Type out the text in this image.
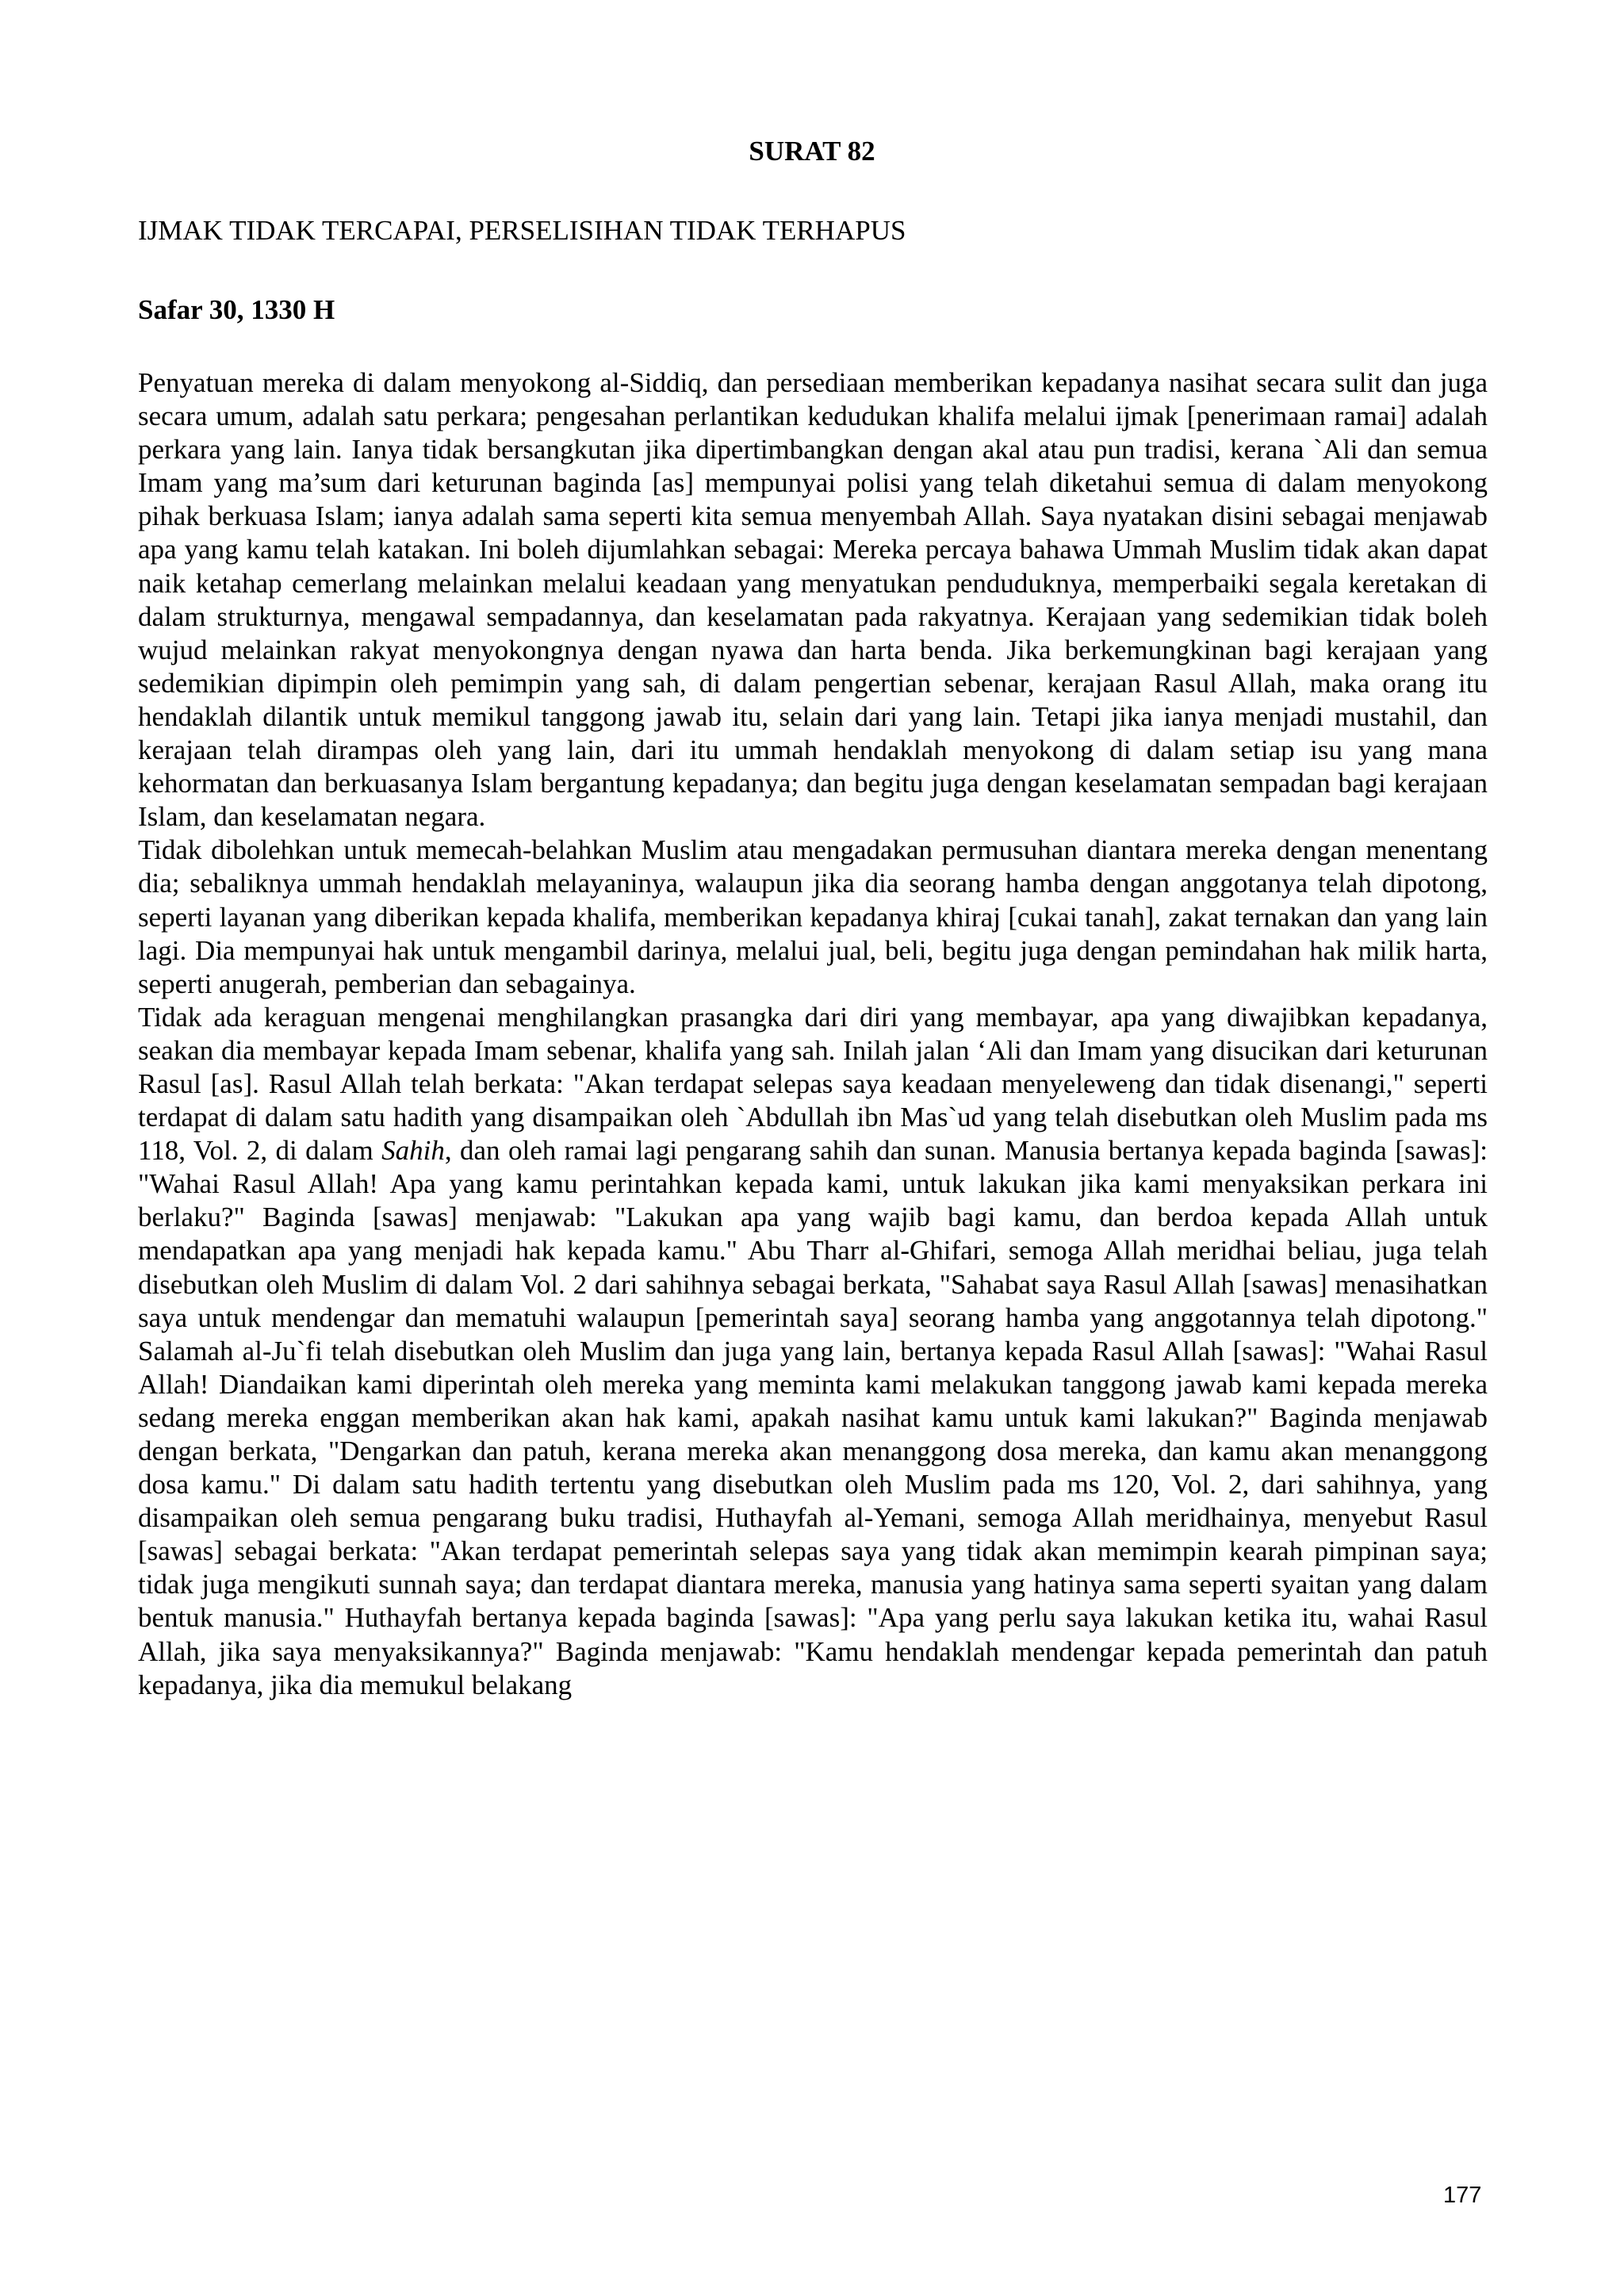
SURAT 82
IJMAK TIDAK TERCAPAI, PERSELISIHAN TIDAK TERHAPUS
Safar 30, 1330 H

Penyatuan mereka di dalam menyokong al-Siddiq, dan persediaan memberikan kepadanya nasihat secara sulit dan juga secara umum, adalah satu perkara; pengesahan perlantikan kedudukan khalifa melalui ijmak [penerimaan ramai] adalah perkara yang lain. Ianya tidak bersangkutan jika dipertimbangkan dengan akal atau pun tradisi, kerana `Ali dan semua Imam yang ma’sum dari keturunan baginda [as] mempunyai polisi yang telah diketahui semua di dalam menyokong pihak berkuasa Islam; ianya adalah sama seperti kita semua menyembah Allah. Saya nyatakan disini sebagai menjawab apa yang kamu telah katakan. Ini boleh dijumlahkan sebagai: Mereka percaya bahawa Ummah Muslim tidak akan dapat naik ketahap cemerlang melainkan melalui keadaan yang menyatukan penduduknya, memperbaiki segala keretakan di dalam strukturnya, mengawal sempadannya, dan keselamatan pada rakyatnya. Kerajaan yang sedemikian tidak boleh wujud melainkan rakyat menyokongnya dengan nyawa dan harta benda. Jika berkemungkinan bagi kerajaan yang sedemikian dipimpin oleh pemimpin yang sah, di dalam pengertian sebenar, kerajaan Rasul Allah, maka orang itu hendaklah dilantik untuk memikul tanggong jawab itu, selain dari yang lain. Tetapi jika ianya menjadi mustahil, dan kerajaan telah dirampas oleh yang lain, dari itu ummah hendaklah menyokong di dalam setiap isu yang mana kehormatan dan berkuasanya Islam bergantung kepadanya; dan begitu juga dengan keselamatan sempadan bagi kerajaan Islam, dan keselamatan negara.

Tidak dibolehkan untuk memecah-belahkan Muslim atau mengadakan permusuhan diantara mereka dengan menentang dia; sebaliknya ummah hendaklah melayaninya, walaupun jika dia seorang hamba dengan anggotanya telah dipotong, seperti layanan yang diberikan kepada khalifa, memberikan kepadanya khiraj [cukai tanah], zakat ternakan dan yang lain lagi. Dia mempunyai hak untuk mengambil darinya, melalui jual, beli, begitu juga dengan pemindahan hak milik harta, seperti anugerah, pemberian dan sebagainya.

Tidak ada keraguan mengenai menghilangkan prasangka dari diri yang membayar, apa yang diwajibkan kepadanya, seakan dia membayar kepada Imam sebenar, khalifa yang sah. Inilah jalan ‘Ali dan Imam yang disucikan dari keturunan Rasul [as]. Rasul Allah telah berkata: "Akan terdapat selepas saya keadaan menyeleweng dan tidak disenangi," seperti terdapat di dalam satu hadith yang disampaikan oleh `Abdullah ibn Mas`ud yang telah disebutkan oleh Muslim pada ms 118, Vol. 2, di dalam Sahih, dan oleh ramai lagi pengarang sahih dan sunan. Manusia bertanya kepada baginda [sawas]: "Wahai Rasul Allah! Apa yang kamu perintahkan kepada kami, untuk lakukan jika kami menyaksikan perkara ini berlaku?" Baginda [sawas] menjawab: "Lakukan apa yang wajib bagi kamu, dan berdoa kepada Allah untuk mendapatkan apa yang menjadi hak kepada kamu." Abu Tharr al-Ghifari, semoga Allah meridhai beliau, juga telah disebutkan oleh Muslim di dalam Vol. 2 dari sahihnya sebagai berkata, "Sahabat saya Rasul Allah [sawas] menasihatkan saya untuk mendengar dan mematuhi walaupun [pemerintah saya] seorang hamba yang anggotannya telah dipotong." Salamah al-Ju`fi telah disebutkan oleh Muslim dan juga yang lain, bertanya kepada Rasul Allah [sawas]: "Wahai Rasul Allah! Diandaikan kami diperintah oleh mereka yang meminta kami melakukan tanggong jawab kami kepada mereka sedang mereka enggan memberikan akan hak kami, apakah nasihat kamu untuk kami lakukan?" Baginda menjawab dengan berkata, "Dengarkan dan patuh, kerana mereka akan menanggong dosa mereka, dan kamu akan menanggong dosa kamu." Di dalam satu hadith tertentu yang disebutkan oleh Muslim pada ms 120, Vol. 2, dari sahihnya, yang disampaikan oleh semua pengarang buku tradisi, Huthayfah al-Yemani, semoga Allah meridhainya, menyebut Rasul [sawas] sebagai berkata: "Akan terdapat pemerintah selepas saya yang tidak akan memimpin kearah pimpinan saya; tidak juga mengikuti sunnah saya; dan terdapat diantara mereka, manusia yang hatinya sama seperti syaitan yang dalam bentuk manusia." Huthayfah bertanya kepada baginda [sawas]: "Apa yang perlu saya lakukan ketika itu, wahai Rasul Allah, jika saya menyaksikannya?" Baginda menjawab: "Kamu hendaklah mendengar kepada pemerintah dan patuh kepadanya, jika dia memukul belakang

177
